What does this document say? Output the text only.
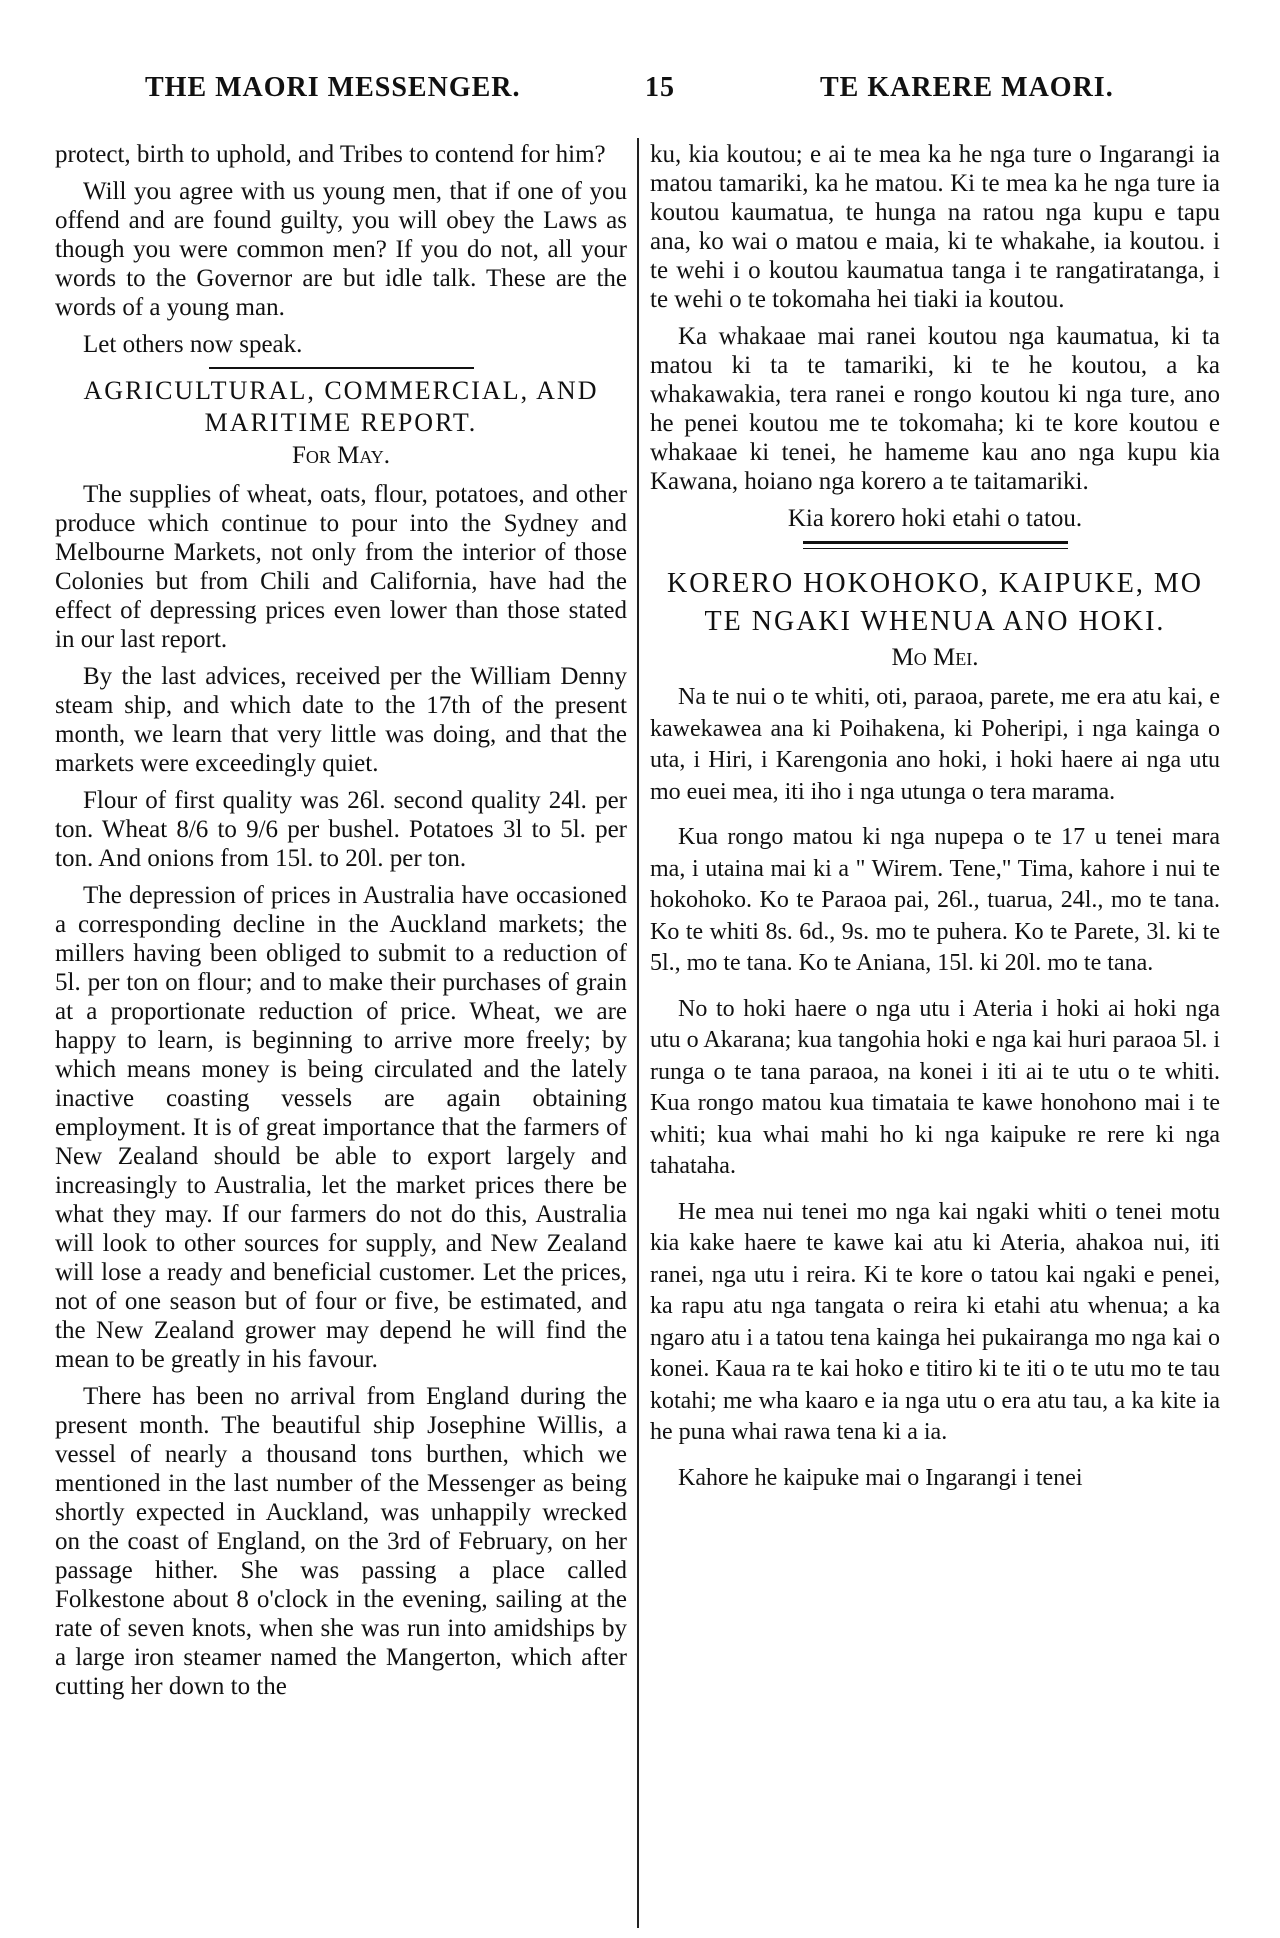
THE MAORI MESSENGER.	15	TE KARERE MAORI.

protect, birth to uphold, and Tribes to contend for him?

Will you agree with us young men, that if one of you offend and are found guilty, you will obey the Laws as though you were common men? If you do not, all your words to the Governor are but idle talk. These are the words of a young man.

Let others now speak.

AGRICULTURAL, COMMERCIAL, AND MARITIME REPORT.
For May.

The supplies of wheat, oats, flour, potatoes, and other produce which continue to pour into the Sydney and Melbourne Markets, not only from the interior of those Colonies but from Chili and California, have had the effect of depressing prices even lower than those stated in our last report.

By the last advices, received per the William Denny steam ship, and which date to the 17th of the present month, we learn that very little was doing, and that the markets were exceedingly quiet.

Flour of first quality was 26l. second quality 24l. per ton. Wheat 8/6 to 9/6 per bushel. Potatoes 3l to 5l. per ton. And onions from 15l. to 20l. per ton.

The depression of prices in Australia have occasioned a corresponding decline in the Auckland markets; the millers having been obliged to submit to a reduction of 5l. per ton on flour; and to make their purchases of grain at a proportionate reduction of price. Wheat, we are happy to learn, is beginning to arrive more freely; by which means money is being circulated and the lately inactive coasting vessels are again obtaining employment. It is of great importance that the farmers of New Zealand should be able to export largely and increasingly to Australia, let the market prices there be what they may. If our farmers do not do this, Australia will look to other sources for supply, and New Zealand will lose a ready and beneficial customer. Let the prices, not of one season but of four or five, be estimated, and the New Zealand grower may depend he will find the mean to be greatly in his favour.

There has been no arrival from England during the present month. The beautiful ship Josephine Willis, a vessel of nearly a thousand tons burthen, which we mentioned in the last number of the Messenger as being shortly expected in Auckland, was unhappily wrecked on the coast of England, on the 3rd of February, on her passage hither. She was passing a place called Folkestone about 8 o'clock in the evening, sailing at the rate of seven knots, when she was run into amidships by a large iron steamer named the Mangerton, which after cutting her down to the

ku, kia koutou; e ai te mea ka he nga ture o Ingarangi ia matou tamariki, ka he matou. Ki te mea ka he nga ture ia koutou kaumatua, te hunga na ratou nga kupu e tapu ana, ko wai o matou e maia, ki te whakahe, ia koutou. i te wehi i o koutou kaumatua tanga i te rangatiratanga, i te wehi o te tokomaha hei tiaki ia koutou.

Ka whakaae mai ranei koutou nga kaumatua, ki ta matou ki ta te tamariki, ki te he koutou, a ka whakawakia, tera ranei e rongo koutou ki nga ture, ano he penei koutou me te tokomaha; ki te kore koutou e whakaae ki tenei, he hameme kau ano nga kupu kia Kawana, hoiano nga korero a te taitamariki.

Kia korero hoki etahi o tatou.

KORERO HOKOHOKO, KAIPUKE, MO TE NGAKI WHENUA ANO HOKI.
Mo Mei.

Na te nui o te whiti, oti, paraoa, parete, me era atu kai, e kawekawea ana ki Poihakena, ki Poheripi, i nga kainga o uta, i Hiri, i Karengonia ano hoki, i hoki haere ai nga utu mo euei mea, iti iho i nga utunga o tera marama.

Kua rongo matou ki nga nupepa o te 17 u tenei mara ma, i utaina mai ki a " Wirem. Tene," Tima, kahore i nui te hokohoko. Ko te Paraoa pai, 26l., tuarua, 24l., mo te tana. Ko te whiti 8s. 6d., 9s. mo te puhera. Ko te Parete, 3l. ki te 5l., mo te tana. Ko te Aniana, 15l. ki 20l. mo te tana.

No to hoki haere o nga utu i Ateria i hoki ai hoki nga utu o Akarana; kua tangohia hoki e nga kai huri paraoa 5l. i runga o te tana paraoa, na konei i iti ai te utu o te whiti. Kua rongo matou kua timataia te kawe honohono mai i te whiti; kua whai mahi ho ki nga kaipuke re rere ki nga tahataha.

He mea nui tenei mo nga kai ngaki whiti o tenei motu kia kake haere te kawe kai atu ki Ateria, ahakoa nui, iti ranei, nga utu i reira. Ki te kore o tatou kai ngaki e penei, ka rapu atu nga tangata o reira ki etahi atu whenua; a ka ngaro atu i a tatou tena kainga hei pukairanga mo nga kai o konei. Kaua ra te kai hoko e titiro ki te iti o te utu mo te tau kotahi; me wha kaaro e ia nga utu o era atu tau, a ka kite ia he puna whai rawa tena ki a ia.

Kahore he kaipuke mai o Ingarangi i tenei
